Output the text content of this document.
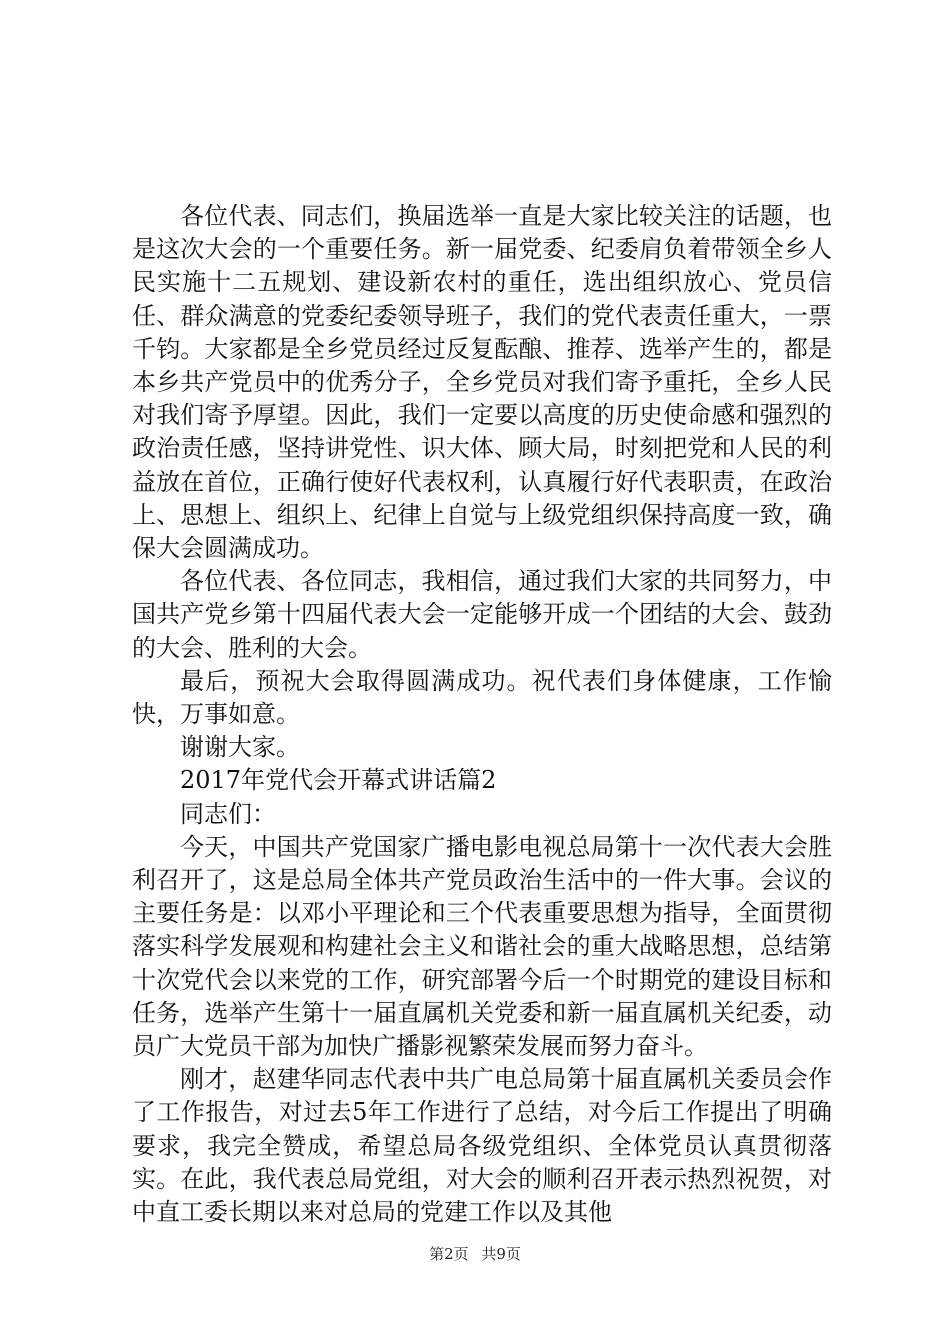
各位代表、同志们，换届选举一直是大家比较关注的话题，也是这次大会的一个重要任务。新一届党委、纪委肩负着带领全乡人民实施十二五规划、建设新农村的重任，选出组织放心、党员信任、群众满意的党委纪委领导班子，我们的党代表责任重大，一票千钧。大家都是全乡党员经过反复酝酿、推荐、选举产生的，都是本乡共产党员中的优秀分子，全乡党员对我们寄予重托，全乡人民对我们寄予厚望。因此，我们一定要以高度的历史使命感和强烈的政治责任感，坚持讲党性、识大体、顾大局，时刻把党和人民的利益放在首位，正确行使好代表权利，认真履行好代表职责，在政治上、思想上、组织上、纪律上自觉与上级党组织保持高度一致，确保大会圆满成功。

各位代表、各位同志，我相信，通过我们大家的共同努力，中国共产党乡第十四届代表大会一定能够开成一个团结的大会、鼓劲的大会、胜利的大会。

最后，预祝大会取得圆满成功。祝代表们身体健康，工作愉快，万事如意。

谢谢大家。

2017年党代会开幕式讲话篇2

同志们：

今天，中国共产党国家广播电影电视总局第十一次代表大会胜利召开了，这是总局全体共产党员政治生活中的一件大事。会议的主要任务是：以邓小平理论和三个代表重要思想为指导，全面贯彻落实科学发展观和构建社会主义和谐社会的重大战略思想，总结第十次党代会以来党的工作，研究部署今后一个时期党的建设目标和任务，选举产生第十一届直属机关党委和新一届直属机关纪委，动员广大党员干部为加快广播影视繁荣发展而努力奋斗。

刚才，赵建华同志代表中共广电总局第十届直属机关委员会作了工作报告，对过去5年工作进行了总结，对今后工作提出了明确要求，我完全赞成，希望总局各级党组织、全体党员认真贯彻落实。在此，我代表总局党组，对大会的顺利召开表示热烈祝贺，对中直工委长期以来对总局的党建工作以及其他

第2页 共9页
